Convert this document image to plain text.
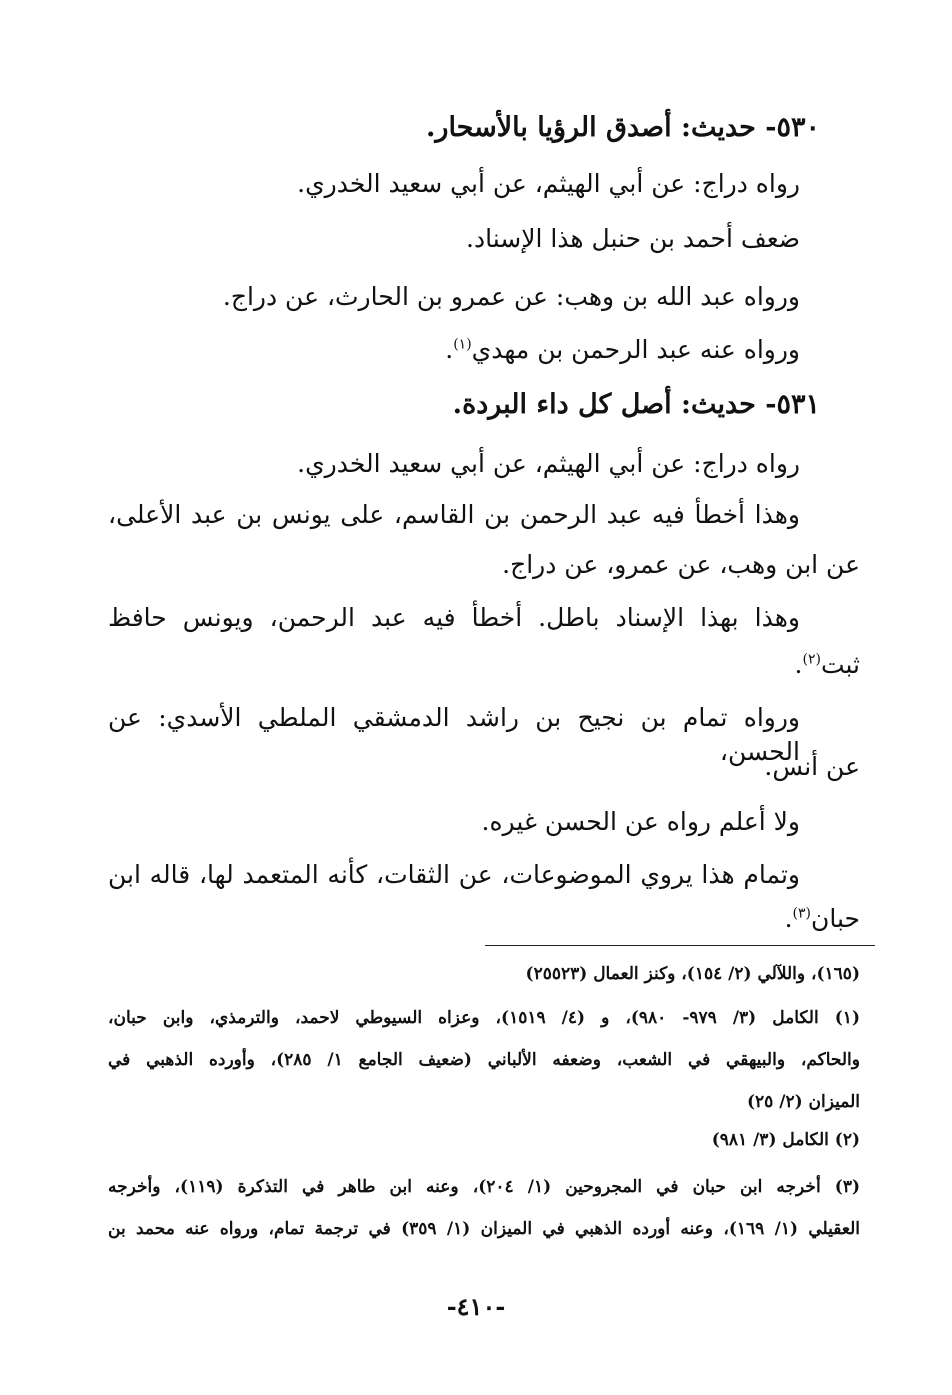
٥٣٠- حديث: أصدق الرؤيا بالأسحار.
رواه دراج: عن أبي الهيثم، عن أبي سعيد الخدري.
ضعف أحمد بن حنبل هذا الإسناد.
ورواه عبد الله بن وهب: عن عمرو بن الحارث، عن دراج.
ورواه عنه عبد الرحمن بن مهدي$^{(١)}$.
٥٣١- حديث: أصل كل داء البردة.
رواه دراج: عن أبي الهيثم، عن أبي سعيد الخدري.
وهذا أخطأ فيه عبد الرحمن بن القاسم، على يونس بن عبد الأعلى،
عن ابن وهب، عن عمرو، عن دراج.
وهذا بهذا الإسناد باطل. أخطأ فيه عبد الرحمن، ويونس حافظ
ثبت$^{(٢)}$.
ورواه تمام بن نجيح بن راشد الدمشقي الملطي الأسدي: عن الحسن،
عن أنس.
ولا أعلم رواه عن الحسن غيره.
وتمام هذا يروي الموضوعات، عن الثقات، كأنه المتعمد لها، قاله ابن
حبان$^{(٣)}$.
(١٦٥)، واللآلي (٢/ ١٥٤)، وكنز العمال (٢٥٥٢٣)
(١) الكامل (٣/ ٩٧٩- ٩٨٠)، و (٤/ ١٥١٩)، وعزاه السيوطي لاحمد، والترمذي، وابن حبان،
والحاكم، والبيهقي في الشعب، وضعفه الألباني (ضعيف الجامع ١/ ٢٨٥)، وأورده الذهبي في
الميزان (٢/ ٢٥)
(٢) الكامل (٣/ ٩٨١)
(٣) أخرجه ابن حبان في المجروحين (١/ ٢٠٤)، وعنه ابن طاهر في التذكرة (١١٩)، وأخرجه
العقيلي (١/ ١٦٩)، وعنه أورده الذهبي في الميزان (١/ ٣٥٩) في ترجمة تمام، ورواه عنه محمد بن
-٤١٠-
